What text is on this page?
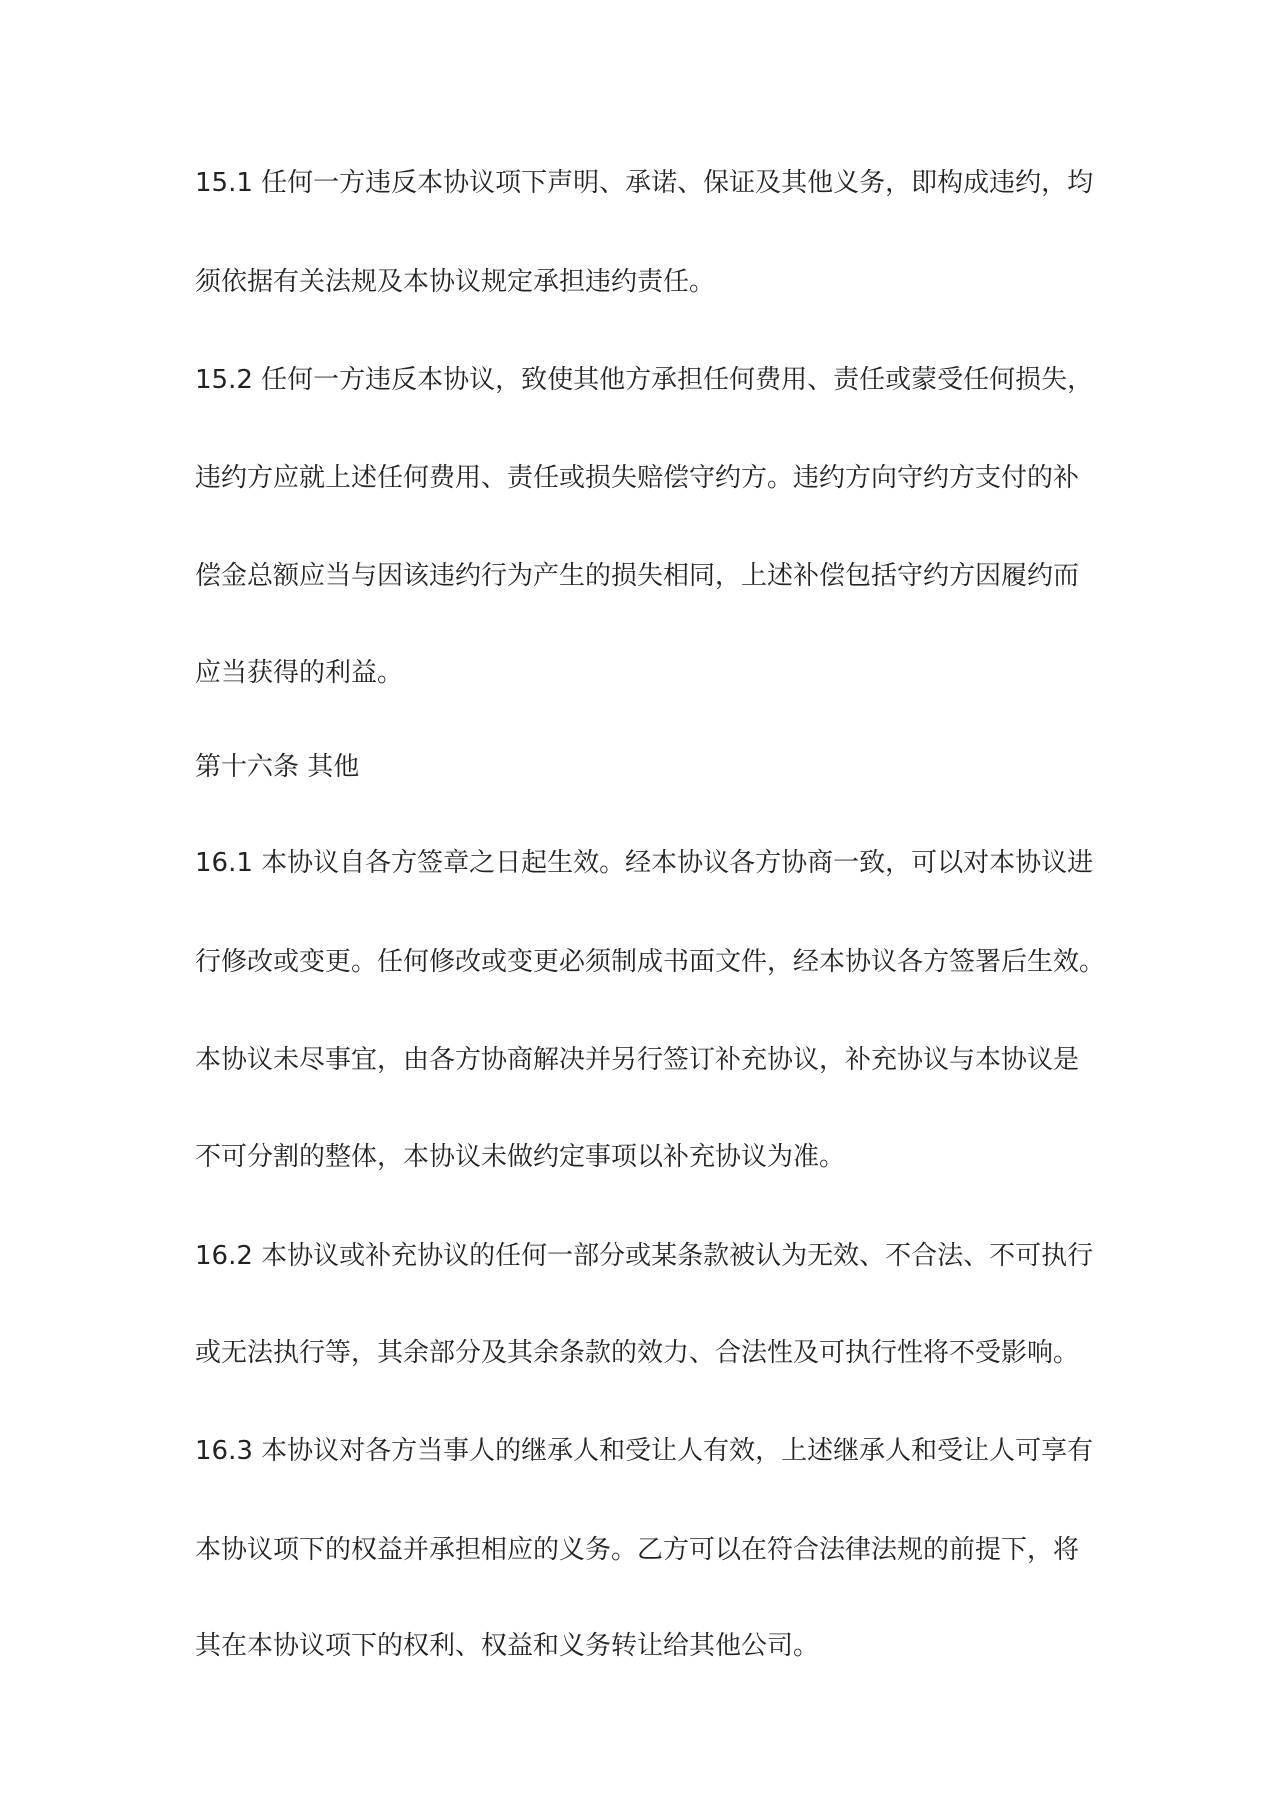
15.1 任何一方违反本协议项下声明、承诺、保证及其他义务，即构成违约，均
须依据有关法规及本协议规定承担违约责任。
15.2 任何一方违反本协议，致使其他方承担任何费用、责任或蒙受任何损失，
违约方应就上述任何费用、责任或损失赔偿守约方。违约方向守约方支付的补
偿金总额应当与因该违约行为产生的损失相同，上述补偿包括守约方因履约而
应当获得的利益。
第十六条 其他
16.1 本协议自各方签章之日起生效。经本协议各方协商一致，可以对本协议进
行修改或变更。任何修改或变更必须制成书面文件，经本协议各方签署后生效。
本协议未尽事宜，由各方协商解决并另行签订补充协议，补充协议与本协议是
不可分割的整体，本协议未做约定事项以补充协议为准。
16.2 本协议或补充协议的任何一部分或某条款被认为无效、不合法、不可执行
或无法执行等，其余部分及其余条款的效力、合法性及可执行性将不受影响。
16.3 本协议对各方当事人的继承人和受让人有效，上述继承人和受让人可享有
本协议项下的权益并承担相应的义务。乙方可以在符合法律法规的前提下，将
其在本协议项下的权利、权益和义务转让给其他公司。
